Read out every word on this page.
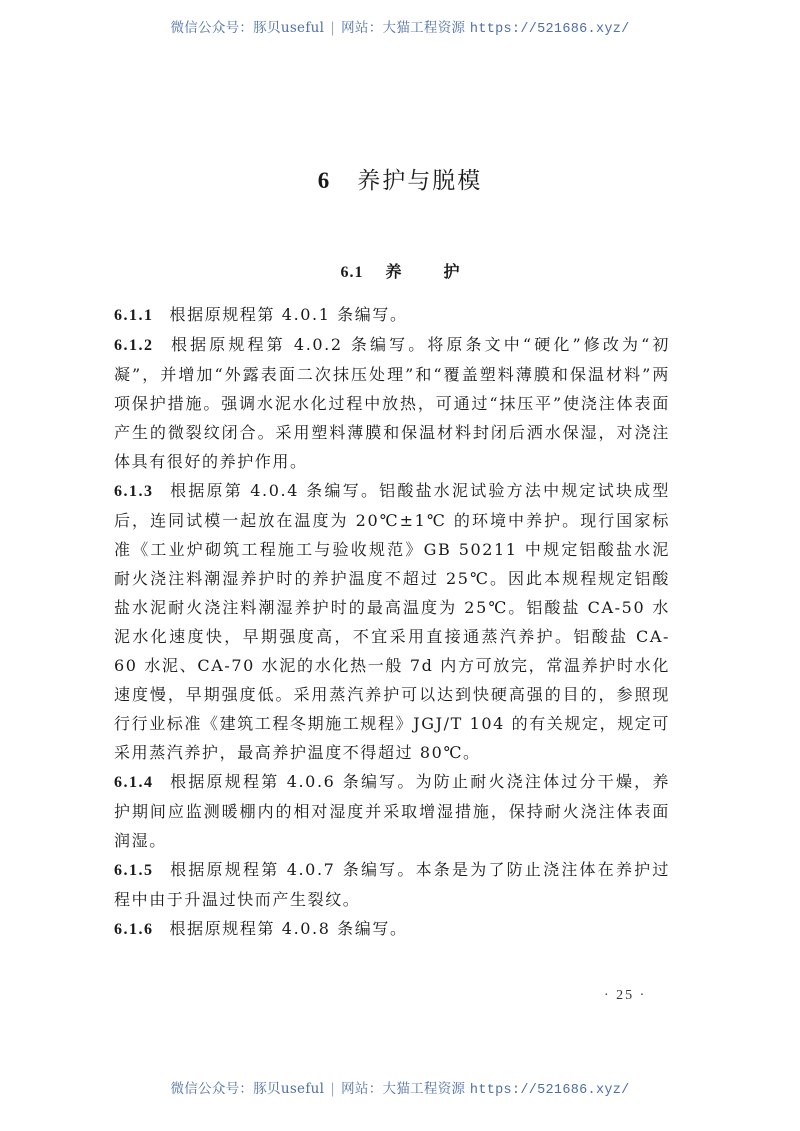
微信公众号：豚贝useful | 网站：大猫工程资源 https://521686.xyz/
6 养护与脱模
6.1 养	护

6.1.1 根据原规程第 4.0.1 条编写。

6.1.2 根据原规程第 4.0.2 条编写。将原条文中“硬化”修改为“初凝”，并增加“外露表面二次抹压处理”和“覆盖塑料薄膜和保温材料”两项保护措施。强调水泥水化过程中放热，可通过“抹压平”使浇注体表面产生的微裂纹闭合。采用塑料薄膜和保温材料封闭后洒水保湿，对浇注体具有很好的养护作用。

6.1.3 根据原第 4.0.4 条编写。铝酸盐水泥试验方法中规定试块成型后，连同试模一起放在温度为 20℃±1℃ 的环境中养护。现行国家标准《工业炉砌筑工程施工与验收规范》GB 50211 中规定铝酸盐水泥耐火浇注料潮湿养护时的养护温度不超过 25℃。因此本规程规定铝酸盐水泥耐火浇注料潮湿养护时的最高温度为 25℃。铝酸盐 CA-50 水泥水化速度快，早期强度高，不宜采用直接通蒸汽养护。铝酸盐 CA-60 水泥、CA-70 水泥的水化热一般 7d 内方可放完，常温养护时水化速度慢，早期强度低。采用蒸汽养护可以达到快硬高强的目的，参照现行行业标准《建筑工程冬期施工规程》JGJ/T 104 的有关规定，规定可采用蒸汽养护，最高养护温度不得超过 80℃。

6.1.4 根据原规程第 4.0.6 条编写。为防止耐火浇注体过分干燥，养护期间应监测暖棚内的相对湿度并采取增湿措施，保持耐火浇注体表面润湿。

6.1.5 根据原规程第 4.0.7 条编写。本条是为了防止浇注体在养护过程中由于升温过快而产生裂纹。

6.1.6 根据原规程第 4.0.8 条编写。

· 25 ·
微信公众号：豚贝useful | 网站：大猫工程资源 https://521686.xyz/
